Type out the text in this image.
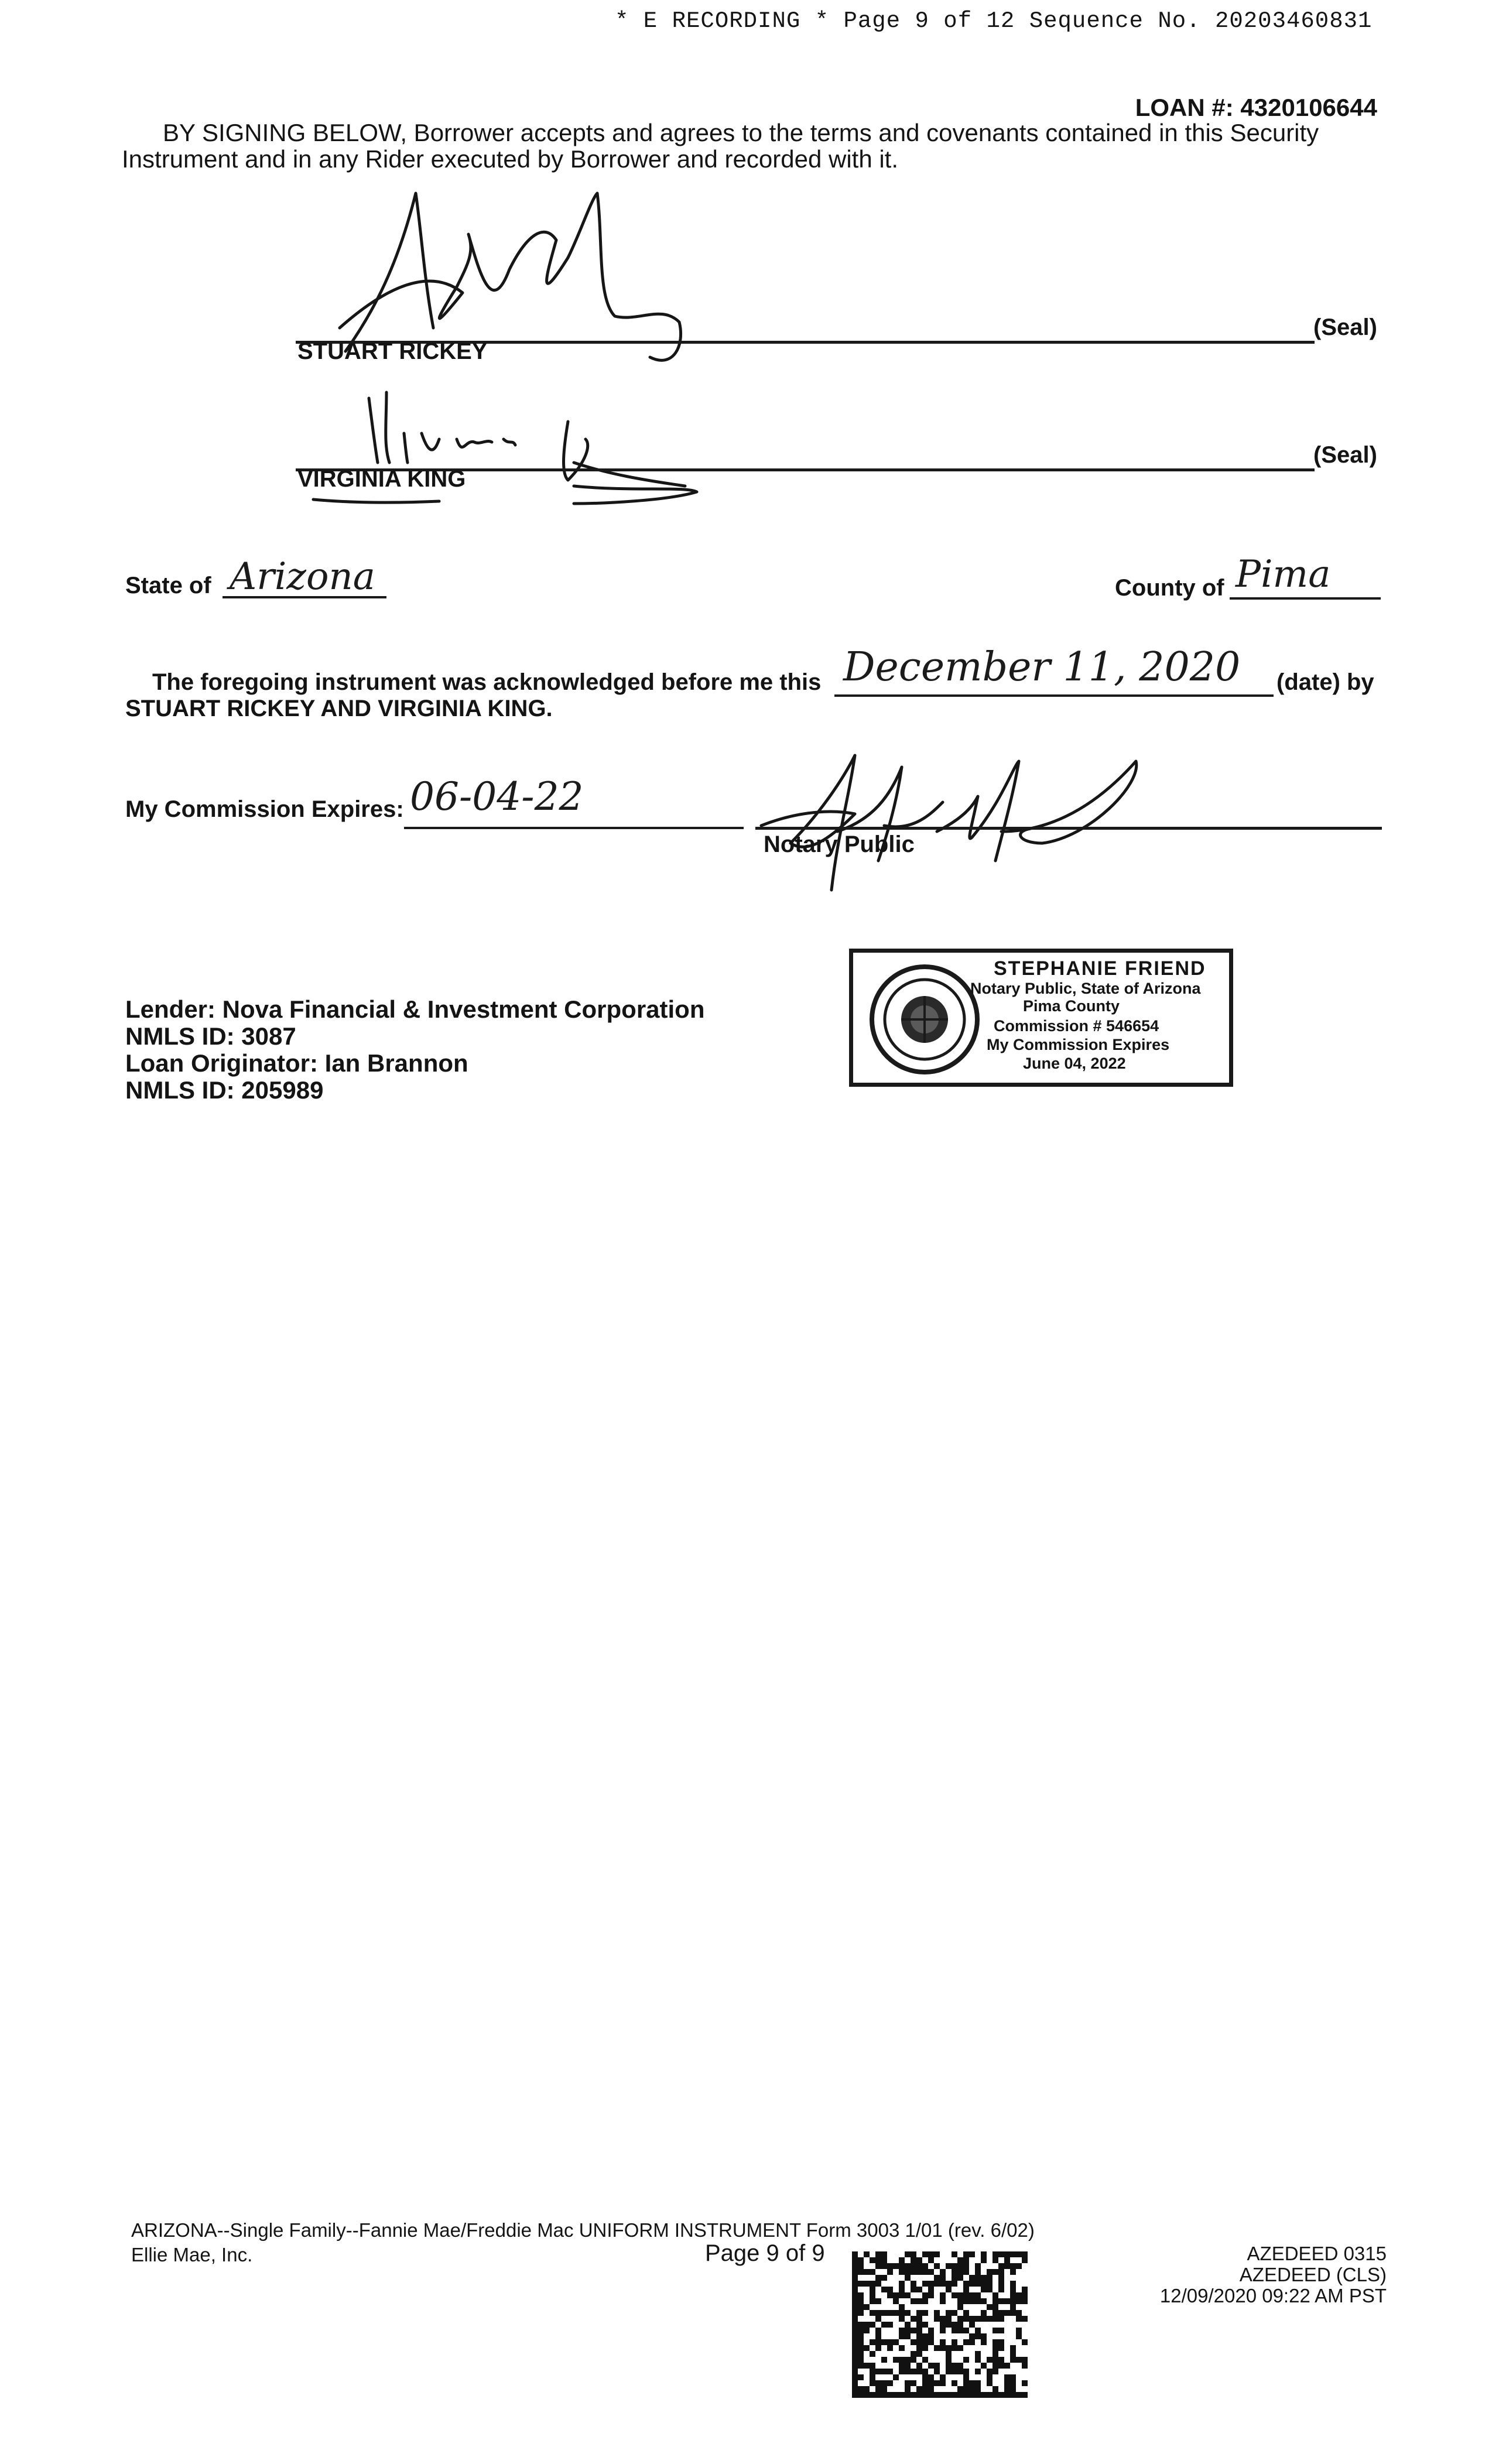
* E RECORDING * Page 9 of 12 Sequence No. 20203460831
LOAN #: 4320106644
BY SIGNING BELOW, Borrower accepts and agrees to the terms and covenants contained in this Security
Instrument and in any Rider executed by Borrower and recorded with it.
STUART RICKEY
(Seal)
VIRGINIA KING
(Seal)
State of Arizona	County of Pima
The foregoing instrument was acknowledged before me this December 11, 2020 (date) by
STUART RICKEY AND VIRGINIA KING.
My Commission Expires: 06-04-22
Notary Public
STEPHANIE FRIEND
Notary Public, State of Arizona
Pima County
Commission # 546654
My Commission Expires
June 04, 2022
Lender: Nova Financial & Investment Corporation
NMLS ID: 3087
Loan Originator: Ian Brannon
NMLS ID: 205989
ARIZONA--Single Family--Fannie Mae/Freddie Mac UNIFORM INSTRUMENT Form 3003 1/01 (rev. 6/02)
Ellie Mae, Inc.	Page 9 of 9	AZEDEED 0315
AZEDEED (CLS)
12/09/2020 09:22 AM PST
